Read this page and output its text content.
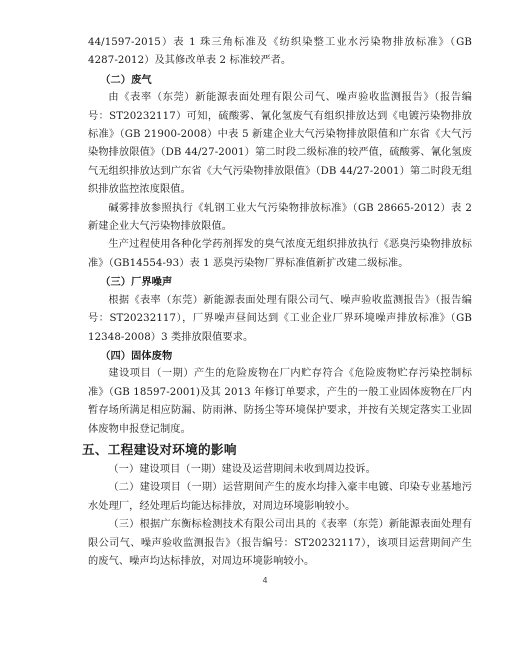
44/1597-2015）表 1 珠三角标准及《纺织染整工业水污染物排放标准》（GB 4287-2012）及其修改单表 2 标准较严者。

（二）废气

由《表率（东莞）新能源表面处理有限公司气、噪声验收监测报告》（报告编号：ST20232117）可知，硫酸雾、氰化氢废气有组织排放达到《电镀污染物排放标准》（GB 21900-2008）中表 5 新建企业大气污染物排放限值和广东省《大气污染物排放限值》（DB 44/27-2001）第二时段二级标准的较严值，硫酸雾、氰化氢废气无组织排放达到广东省《大气污染物排放限值》（DB 44/27-2001）第二时段无组织排放监控浓度限值。

碱雾排放参照执行《轧钢工业大气污染物排放标准》（GB 28665-2012）表 2 新建企业大气污染物排放限值。

生产过程使用各种化学药剂挥发的臭气浓度无组织排放执行《恶臭污染物排放标准》（GB14554-93）表 1 恶臭污染物厂界标准值新扩改建二级标准。

（三）厂界噪声

根据《表率（东莞）新能源表面处理有限公司气、噪声验收监测报告》（报告编号：ST20232117），厂界噪声昼间达到《工业企业厂界环境噪声排放标准》（GB 12348-2008）3 类排放限值要求。

（四）固体废物

建设项目（一期）产生的危险废物在厂内贮存符合《危险废物贮存污染控制标准》（GB 18597-2001)及其 2013 年修订单要求，产生的一般工业固体废物在厂内暂存场所满足相应防漏、防雨淋、防扬尘等环境保护要求，并按有关规定落实工业固体废物申报登记制度。

五、工程建设对环境的影响

（一）建设项目（一期）建设及运营期间未收到周边投诉。

（二）建设项目（一期）运营期间产生的废水均排入豪丰电镀、印染专业基地污水处理厂，经处理后均能达标排放，对周边环境影响较小。

（三）根据广东衡标检测技术有限公司出具的《表率（东莞）新能源表面处理有限公司气、噪声验收监测报告》（报告编号：ST20232117），该项目运营期间产生的废气、噪声均达标排放，对周边环境影响较小。

4
